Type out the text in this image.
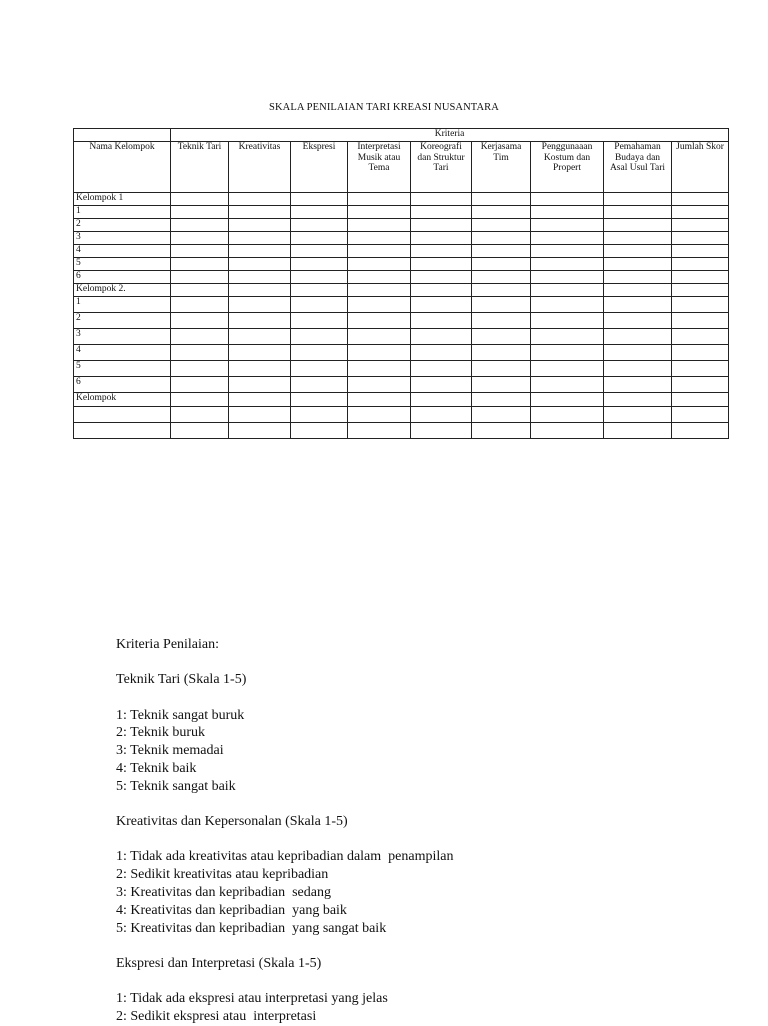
SKALA PENILAIAN TARI KREASI NUSANTARA
	Kriteria								
Nama Kelompok	Teknik Tari	Kreativitas	Ekspresi	Interpretasi Musik atau Tema	Koreografi dan Struktur Tari	Kerjasama Tim	Penggunaaan Kostum dan Propert	Pemahaman Budaya dan Asal Usul Tari	Jumlah Skor
Kelompok 1									
1									
2									
3									
4									
5									
6									
Kelompok 2.									
1									
2									
3									
4									
5									
6									
Kelompok									

Kriteria Penilaian:

Teknik Tari (Skala 1-5)

1: Teknik sangat buruk

2: Teknik buruk

3: Teknik memadai

4: Teknik baik

5: Teknik sangat baik

Kreativitas dan Kepersonalan (Skala 1-5)

1: Tidak ada kreativitas atau kepribadian dalam  penampilan

2: Sedikit kreativitas atau kepribadian

3: Kreativitas dan kepribadian  sedang

4: Kreativitas dan kepribadian  yang baik

5: Kreativitas dan kepribadian  yang sangat baik

Ekspresi dan Interpretasi (Skala 1-5)

1: Tidak ada ekspresi atau interpretasi yang jelas

2: Sedikit ekspresi atau  interpretasi
